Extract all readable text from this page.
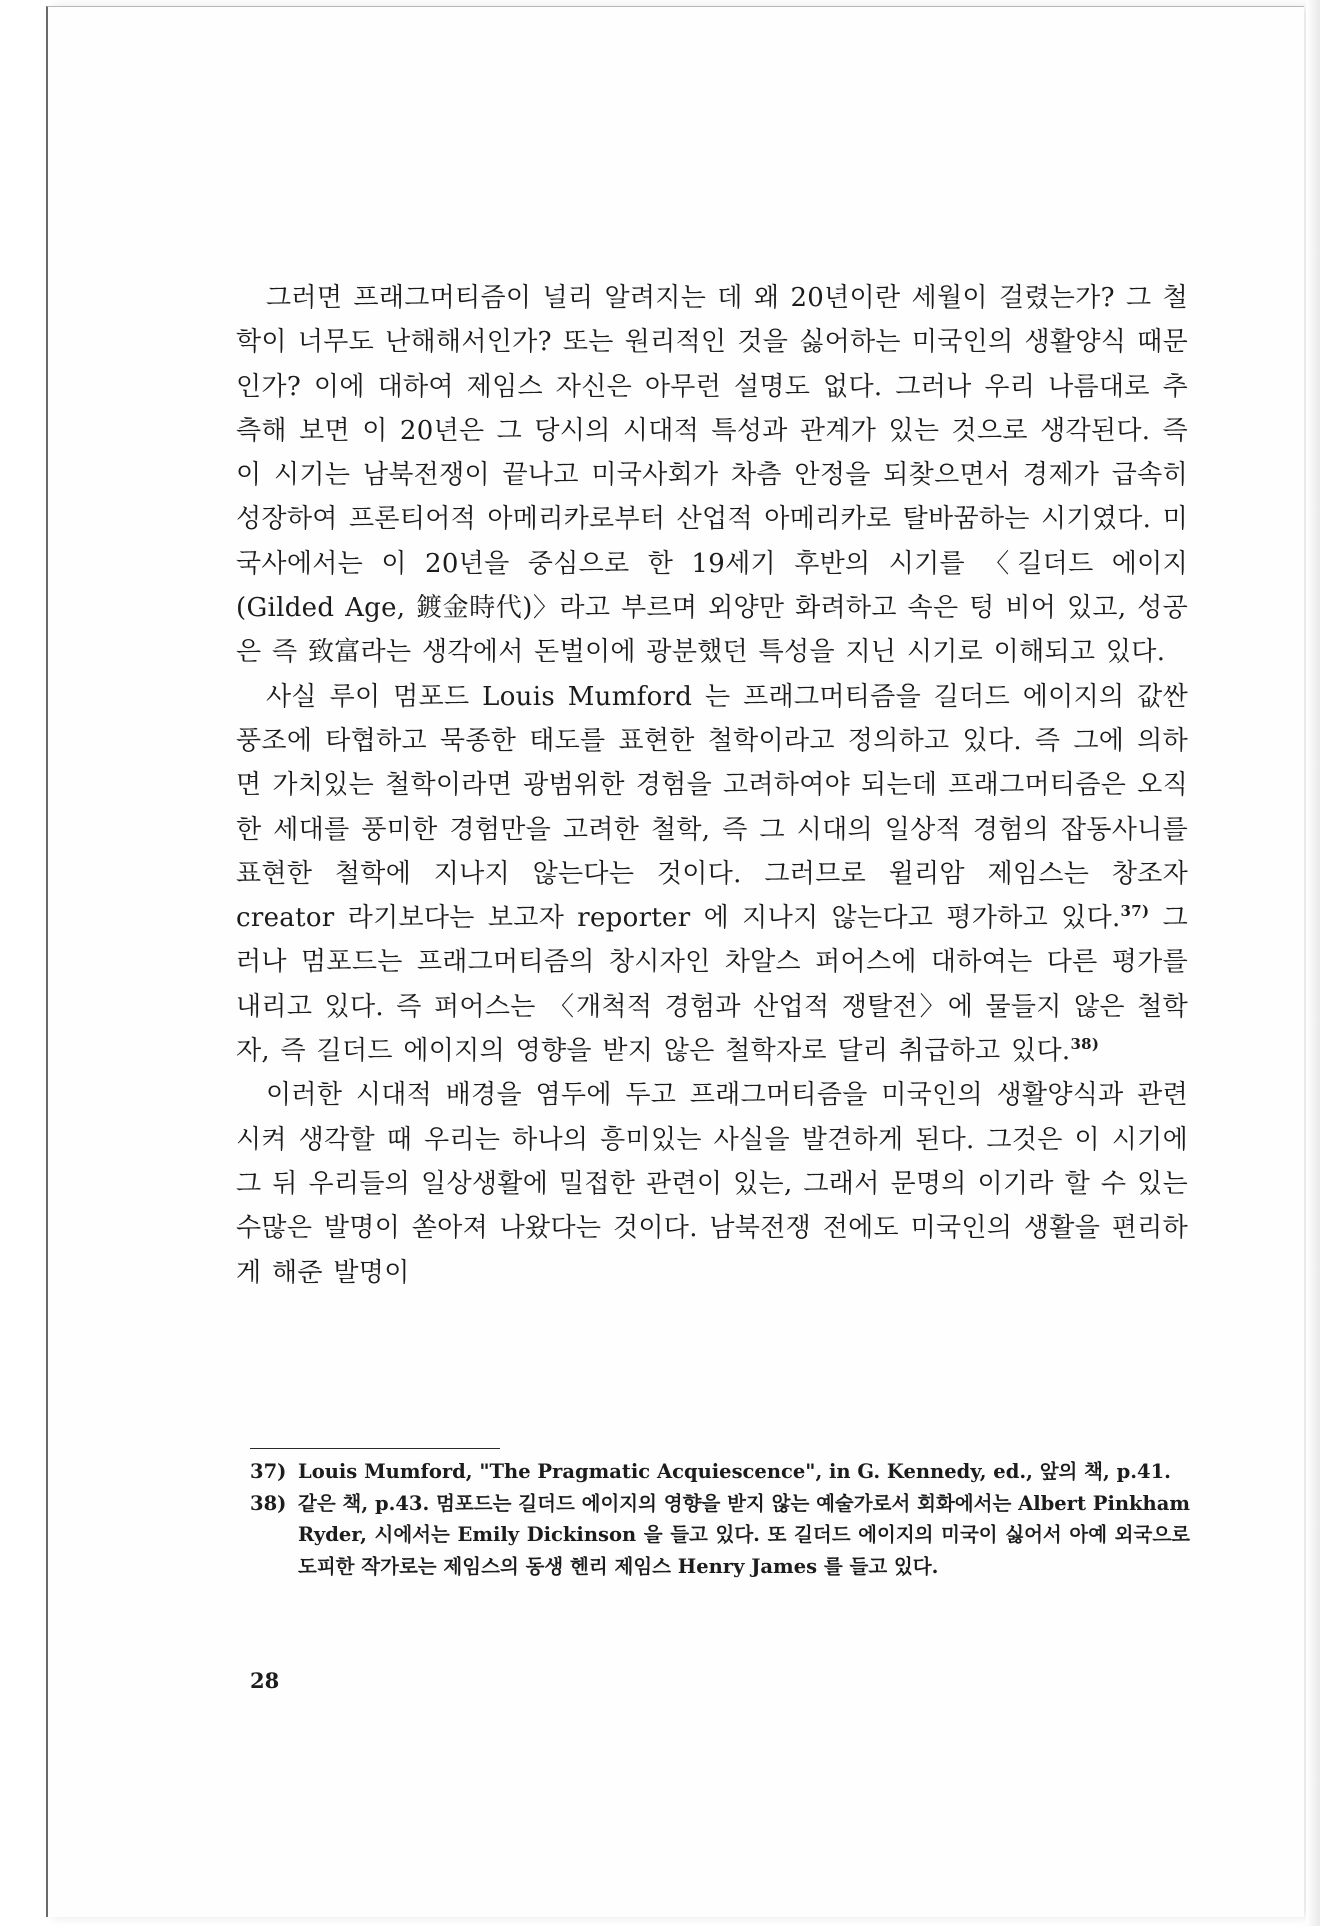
그러면 프래그머티즘이 널리 알려지는 데 왜 20년이란 세월이 걸렸는가? 그 철학이 너무도 난해해서인가? 또는 원리적인 것을 싫어하는 미국인의 생활양식 때문인가? 이에 대하여 제임스 자신은 아무런 설명도 없다. 그러나 우리 나름대로 추측해 보면 이 20년은 그 당시의 시대적 특성과 관계가 있는 것으로 생각된다. 즉 이 시기는 남북전쟁이 끝나고 미국사회가 차츰 안정을 되찾으면서 경제가 급속히 성장하여 프론티어적 아메리카로부터 산업적 아메리카로 탈바꿈하는 시기였다. 미국사에서는 이 20년을 중심으로 한 19세기 후반의 시기를 〈길더드 에이지(Gilded Age, 鍍金時代)〉라고 부르며 외양만 화려하고 속은 텅 비어 있고, 성공은 즉 致富라는 생각에서 돈벌이에 광분했던 특성을 지닌 시기로 이해되고 있다.

사실 루이 멈포드 Louis Mumford 는 프래그머티즘을 길더드 에이지의 값싼 풍조에 타협하고 묵종한 태도를 표현한 철학이라고 정의하고 있다. 즉 그에 의하면 가치있는 철학이라면 광범위한 경험을 고려하여야 되는데 프래그머티즘은 오직 한 세대를 풍미한 경험만을 고려한 철학, 즉 그 시대의 일상적 경험의 잡동사니를 표현한 철학에 지나지 않는다는 것이다. 그러므로 윌리암 제임스는 창조자 creator 라기보다는 보고자 reporter 에 지나지 않는다고 평가하고 있다.$^{37)}$ 그러나 멈포드는 프래그머티즘의 창시자인 차알스 퍼어스에 대하여는 다른 평가를 내리고 있다. 즉 퍼어스는 〈개척적 경험과 산업적 쟁탈전〉에 물들지 않은 철학자, 즉 길더드 에이지의 영향을 받지 않은 철학자로 달리 취급하고 있다.$^{38)}$

이러한 시대적 배경을 염두에 두고 프래그머티즘을 미국인의 생활양식과 관련시켜 생각할 때 우리는 하나의 흥미있는 사실을 발견하게 된다. 그것은 이 시기에 그 뒤 우리들의 일상생활에 밀접한 관련이 있는, 그래서 문명의 이기라 할 수 있는 수많은 발명이 쏟아져 나왔다는 것이다. 남북전쟁 전에도 미국인의 생활을 편리하게 해준 발명이

37) Louis Mumford, "The Pragmatic Acquiescence", in G. Kennedy, ed., 앞의 책, p.41.

38) 같은 책, p.43. 멈포드는 길더드 에이지의 영향을 받지 않는 예술가로서 회화에서는 Albert Pinkham Ryder, 시에서는 Emily Dickinson 을 들고 있다. 또 길더드 에이지의 미국이 싫어서 아예 외국으로 도피한 작가로는 제임스의 동생 헨리 제임스 Henry James 를 들고 있다.

28
